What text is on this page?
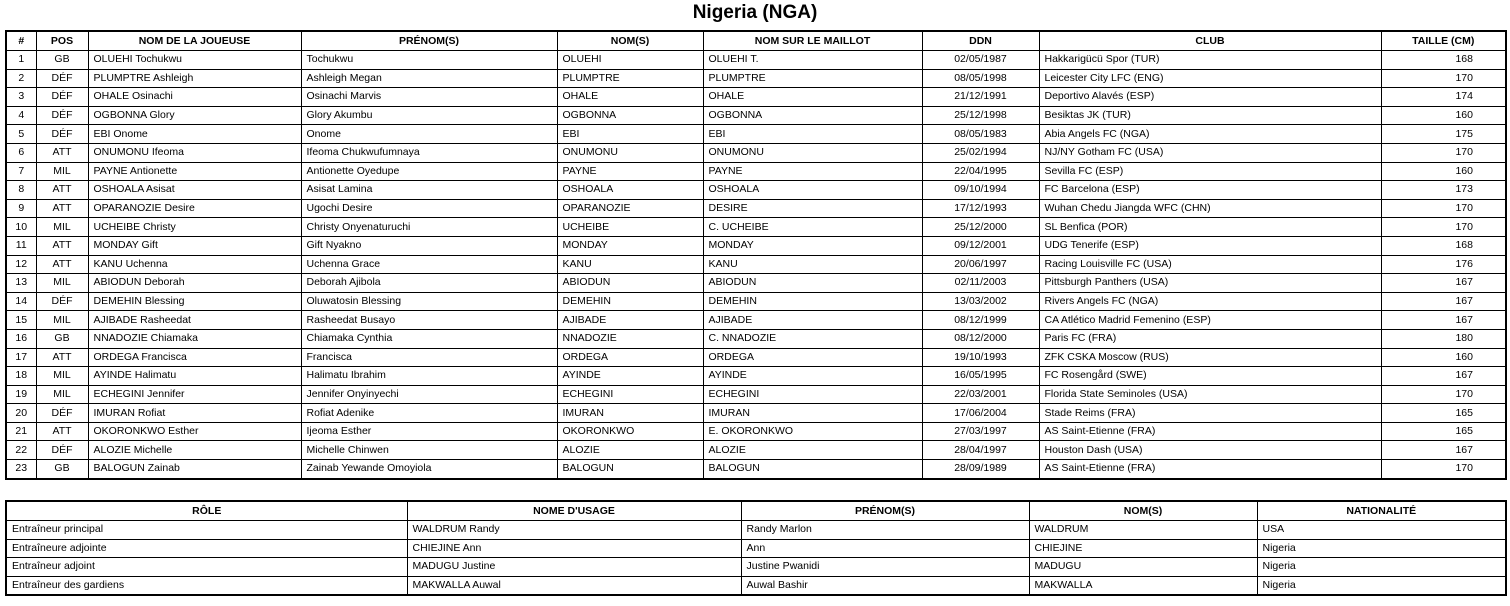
Nigeria (NGA)
#	POS	NOM DE LA JOUEUSE	PRÉNOM(S)	NOM(S)	NOM SUR LE MAILLOT	DDN	CLUB	TAILLE (CM)
1	GB	OLUEHI Tochukwu	Tochukwu	OLUEHI	OLUEHI T.	02/05/1987	Hakkarigücü Spor (TUR)	168
2	DÉF	PLUMPTRE Ashleigh	Ashleigh Megan	PLUMPTRE	PLUMPTRE	08/05/1998	Leicester City LFC (ENG)	170
3	DÉF	OHALE Osinachi	Osinachi Marvis	OHALE	OHALE	21/12/1991	Deportivo Alavés (ESP)	174
4	DÉF	OGBONNA Glory	Glory Akumbu	OGBONNA	OGBONNA	25/12/1998	Besiktas JK (TUR)	160
5	DÉF	EBI Onome	Onome	EBI	EBI	08/05/1983	Abia Angels FC (NGA)	175
6	ATT	ONUMONU Ifeoma	Ifeoma Chukwufumnaya	ONUMONU	ONUMONU	25/02/1994	NJ/NY Gotham FC (USA)	170
7	MIL	PAYNE Antionette	Antionette Oyedupe	PAYNE	PAYNE	22/04/1995	Sevilla FC (ESP)	160
8	ATT	OSHOALA Asisat	Asisat Lamina	OSHOALA	OSHOALA	09/10/1994	FC Barcelona (ESP)	173
9	ATT	OPARANOZIE Desire	Ugochi Desire	OPARANOZIE	DESIRE	17/12/1993	Wuhan Chedu Jiangda WFC (CHN)	170
10	MIL	UCHEIBE Christy	Christy Onyenaturuchi	UCHEIBE	C. UCHEIBE	25/12/2000	SL Benfica (POR)	170
11	ATT	MONDAY Gift	Gift Nyakno	MONDAY	MONDAY	09/12/2001	UDG Tenerife (ESP)	168
12	ATT	KANU Uchenna	Uchenna Grace	KANU	KANU	20/06/1997	Racing Louisville FC (USA)	176
13	MIL	ABIODUN Deborah	Deborah Ajibola	ABIODUN	ABIODUN	02/11/2003	Pittsburgh Panthers (USA)	167
14	DÉF	DEMEHIN Blessing	Oluwatosin Blessing	DEMEHIN	DEMEHIN	13/03/2002	Rivers Angels FC (NGA)	167
15	MIL	AJIBADE Rasheedat	Rasheedat Busayo	AJIBADE	AJIBADE	08/12/1999	CA Atlético Madrid Femenino (ESP)	167
16	GB	NNADOZIE Chiamaka	Chiamaka Cynthia	NNADOZIE	C. NNADOZIE	08/12/2000	Paris FC (FRA)	180
17	ATT	ORDEGA Francisca	Francisca	ORDEGA	ORDEGA	19/10/1993	ZFK CSKA Moscow (RUS)	160
18	MIL	AYINDE Halimatu	Halimatu Ibrahim	AYINDE	AYINDE	16/05/1995	FC Rosengård (SWE)	167
19	MIL	ECHEGINI Jennifer	Jennifer Onyinyechi	ECHEGINI	ECHEGINI	22/03/2001	Florida State Seminoles (USA)	170
20	DÉF	IMURAN Rofiat	Rofiat Adenike	IMURAN	IMURAN	17/06/2004	Stade Reims (FRA)	165
21	ATT	OKORONKWO Esther	Ijeoma Esther	OKORONKWO	E. OKORONKWO	27/03/1997	AS Saint-Etienne (FRA)	165
22	DÉF	ALOZIE Michelle	Michelle Chinwen	ALOZIE	ALOZIE	28/04/1997	Houston Dash (USA)	167
23	GB	BALOGUN Zainab	Zainab Yewande Omoyiola	BALOGUN	BALOGUN	28/09/1989	AS Saint-Etienne (FRA)	170
RÔLE	NOME D'USAGE	PRÉNOM(S)	NOM(S)	NATIONALITÉ
Entraîneur principal	WALDRUM Randy	Randy Marlon	WALDRUM	USA
Entraîneure adjointe	CHIEJINE Ann	Ann	CHIEJINE	Nigeria
Entraîneur adjoint	MADUGU Justine	Justine Pwanidi	MADUGU	Nigeria
Entraîneur des gardiens	MAKWALLA Auwal	Auwal Bashir	MAKWALLA	Nigeria
